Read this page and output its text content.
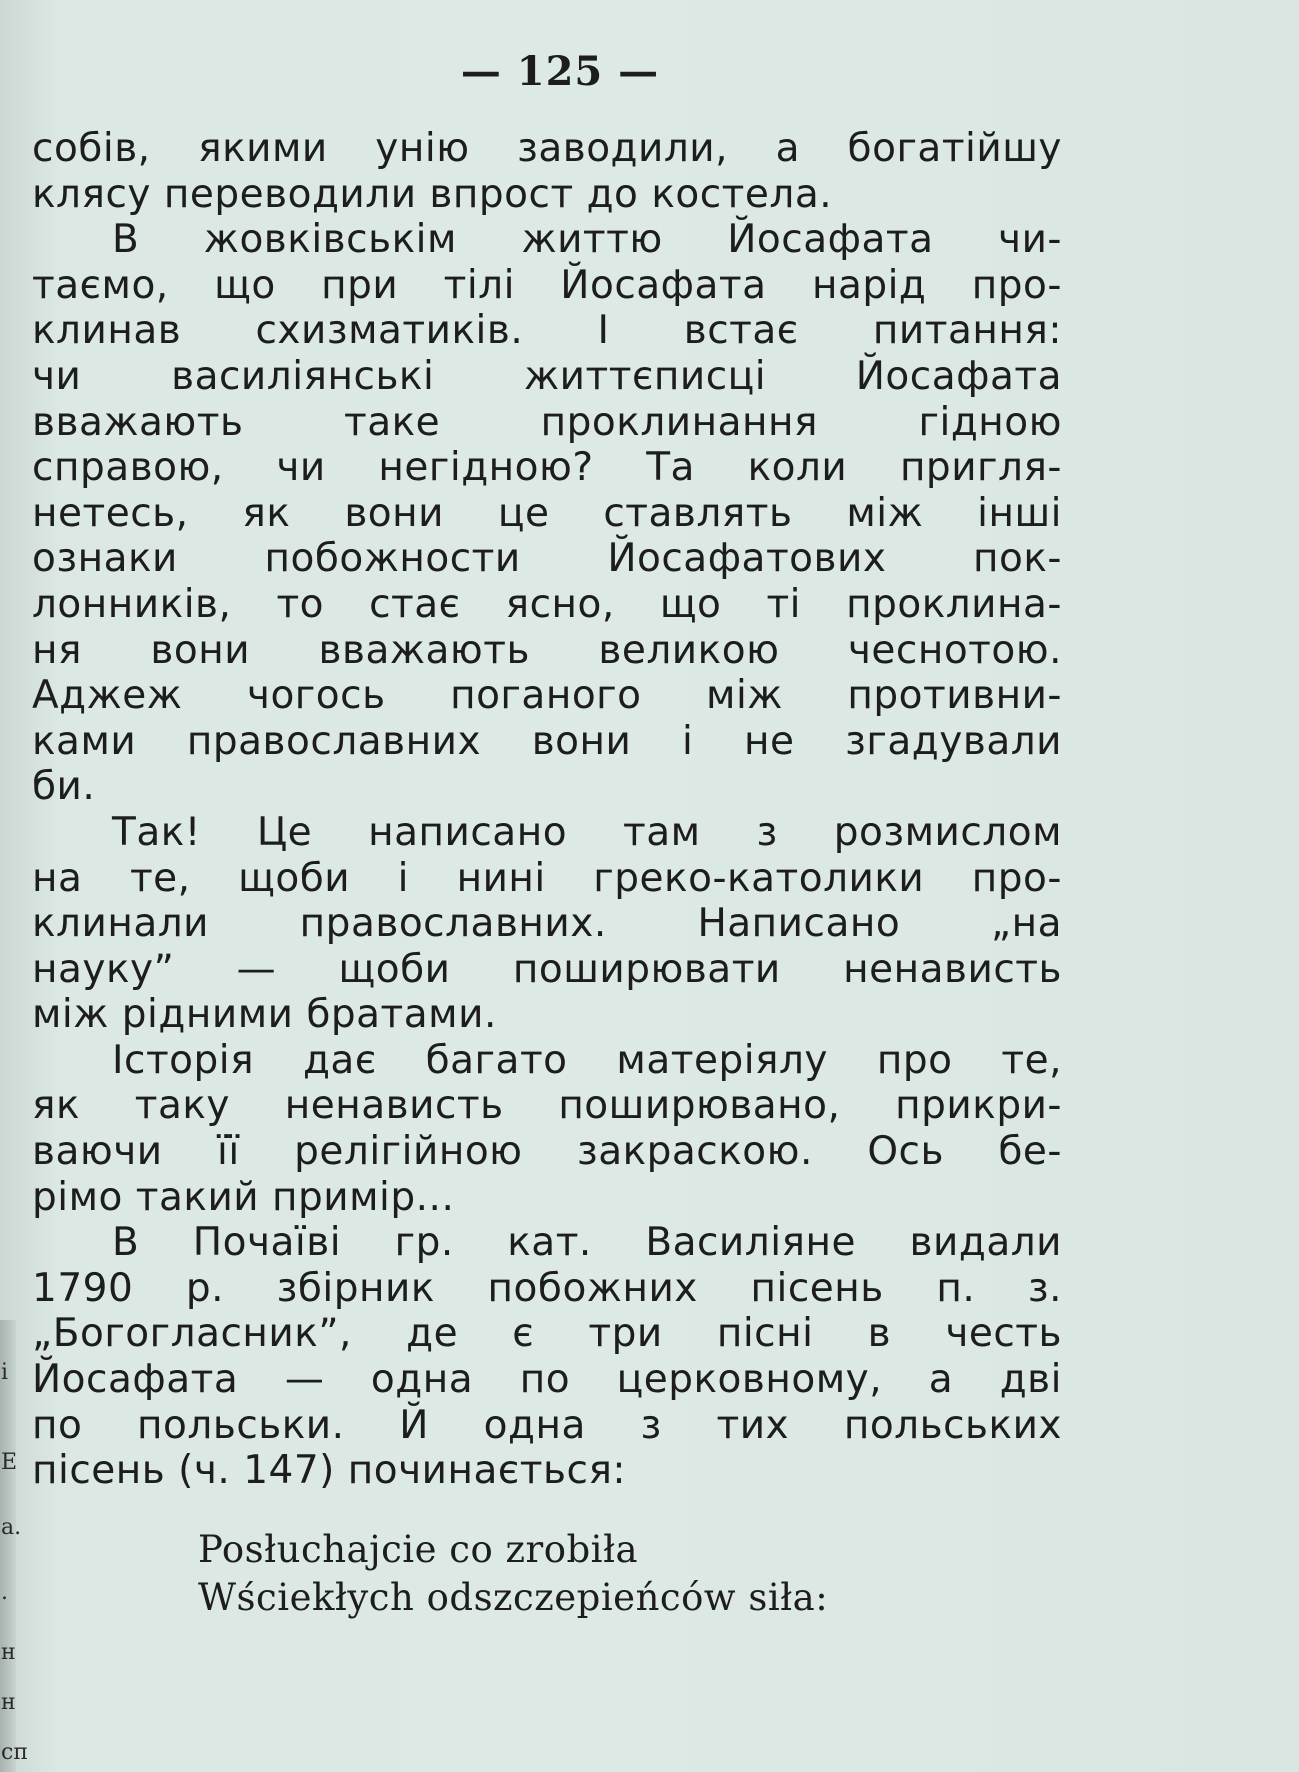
і
Е
а.
.
н
н
сп
— 125 —
собів, якими унію заводили, а богатійшу
клясу переводили впрост до костела.
В жовківськім життю Йосафата чи-
таємо, що при тілі Йосафата нарід про-
клинав схизматиків. І встає питання:
чи василіянські життєписці Йосафата
вважають таке проклинання гідною
справою, чи негідною? Та коли пригля-
нетесь, як вони це ставлять між інші
ознаки побожности Йосафатових пок-
лонників, то стає ясно, що ті проклина-
ня вони вважають великою чеснотою.
Аджеж чогось поганого між противни-
ками православних вони і не згадували
би.
Так! Це написано там з розмислом
на те, щоби і нині греко-католики про-
клинали православних. Написано „на
науку” — щоби поширювати ненависть
між рідними братами.
Історія дає багато матеріялу про те,
як таку ненависть поширювано, прикри-
ваючи її релігійною закраскою. Ось бе-
рімо такий примір...
В Почаїві гр. кат. Василіяне видали
1790 р. збірник побожних пісень п. з.
„Богогласник”, де є три пісні в честь
Йосафата — одна по церковному, а дві
по польськи. Й одна з тих польських
пісень (ч. 147) починається:
Posłuchajcie co zrobiła
Wściekłych odszczepieńców siła:
